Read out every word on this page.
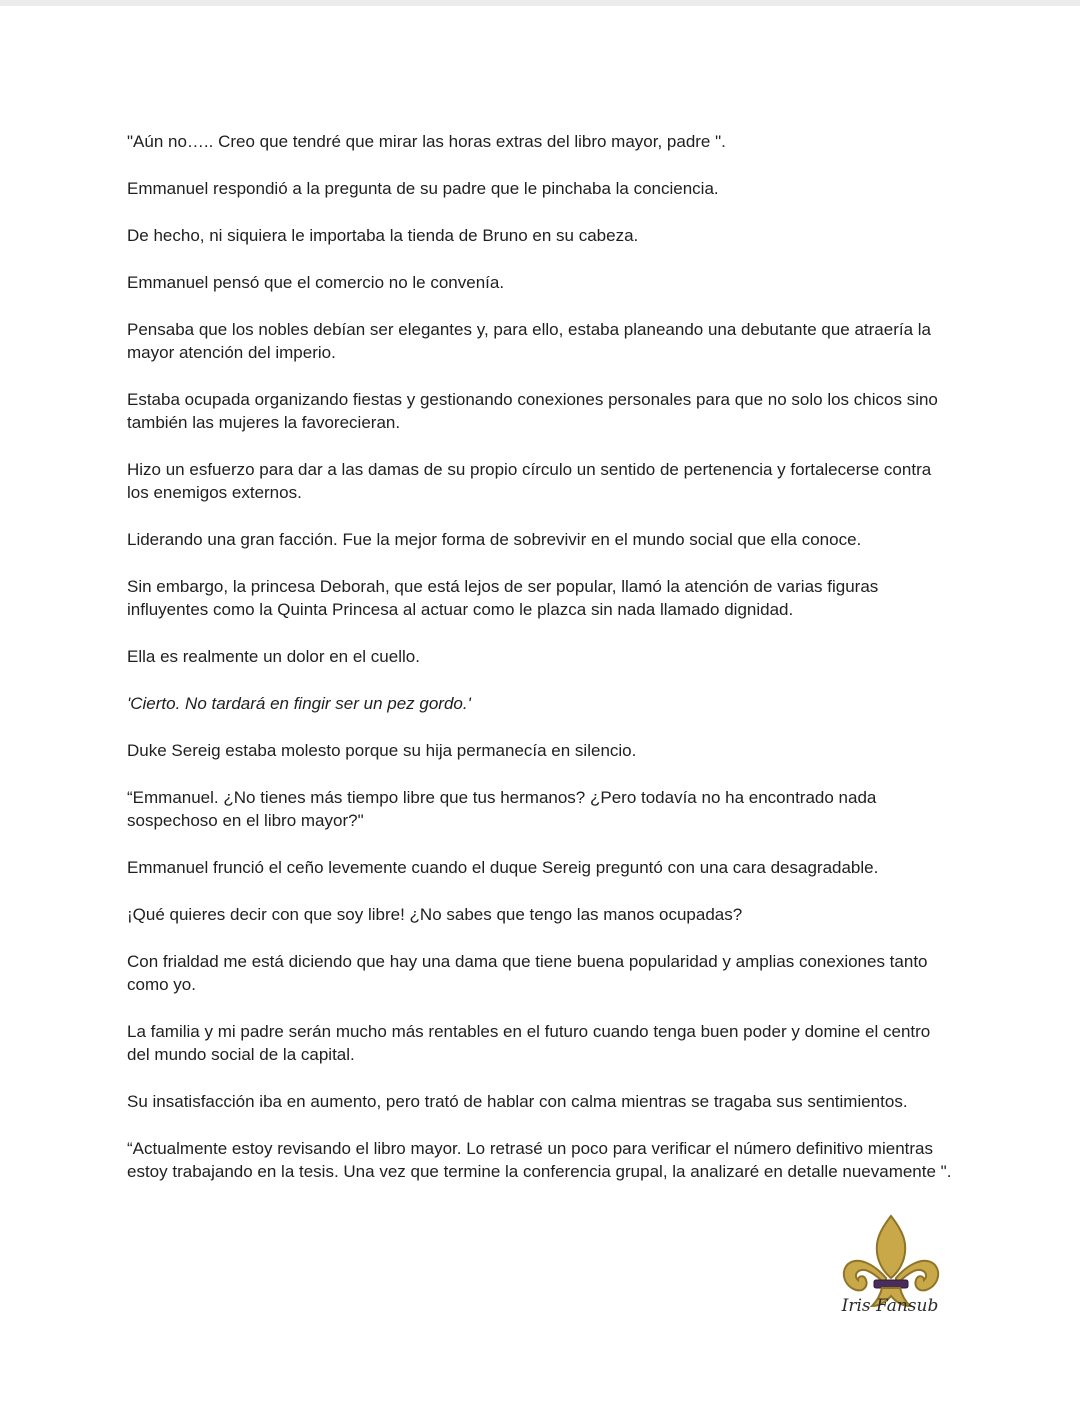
"Aún no….. Creo que tendré que mirar las horas extras del libro mayor, padre ".

Emmanuel respondió a la pregunta de su padre que le pinchaba la conciencia.

De hecho, ni siquiera le importaba la tienda de Bruno en su cabeza.

Emmanuel pensó que el comercio no le convenía.

Pensaba que los nobles debían ser elegantes y, para ello, estaba planeando una debutante que atraería la mayor atención del imperio.

Estaba ocupada organizando fiestas y gestionando conexiones personales para que no solo los chicos sino también las mujeres la favorecieran.

Hizo un esfuerzo para dar a las damas de su propio círculo un sentido de pertenencia y fortalecerse contra los enemigos externos.

Liderando una gran facción. Fue la mejor forma de sobrevivir en el mundo social que ella conoce.

Sin embargo, la princesa Deborah, que está lejos de ser popular, llamó la atención de varias figuras influyentes como la Quinta Princesa al actuar como le plazca sin nada llamado dignidad.

Ella es realmente un dolor en el cuello.

'Cierto. No tardará en fingir ser un pez gordo.'

Duke Sereig estaba molesto porque su hija permanecía en silencio.

“Emmanuel. ¿No tienes más tiempo libre que tus hermanos? ¿Pero todavía no ha encontrado nada sospechoso en el libro mayor?"

Emmanuel frunció el ceño levemente cuando el duque Sereig preguntó con una cara desagradable.

¡Qué quieres decir con que soy libre! ¿No sabes que tengo las manos ocupadas?

Con frialdad me está diciendo que hay una dama que tiene buena popularidad y amplias conexiones tanto como yo.

La familia y mi padre serán mucho más rentables en el futuro cuando tenga buen poder y domine el centro del mundo social de la capital.

Su insatisfacción iba en aumento, pero trató de hablar con calma mientras se tragaba sus sentimientos.

“Actualmente estoy revisando el libro mayor. Lo retrasé un poco para verificar el número definitivo mientras estoy trabajando en la tesis. Una vez que termine la conferencia grupal, la analizaré en detalle nuevamente ".

Iris Fansub
